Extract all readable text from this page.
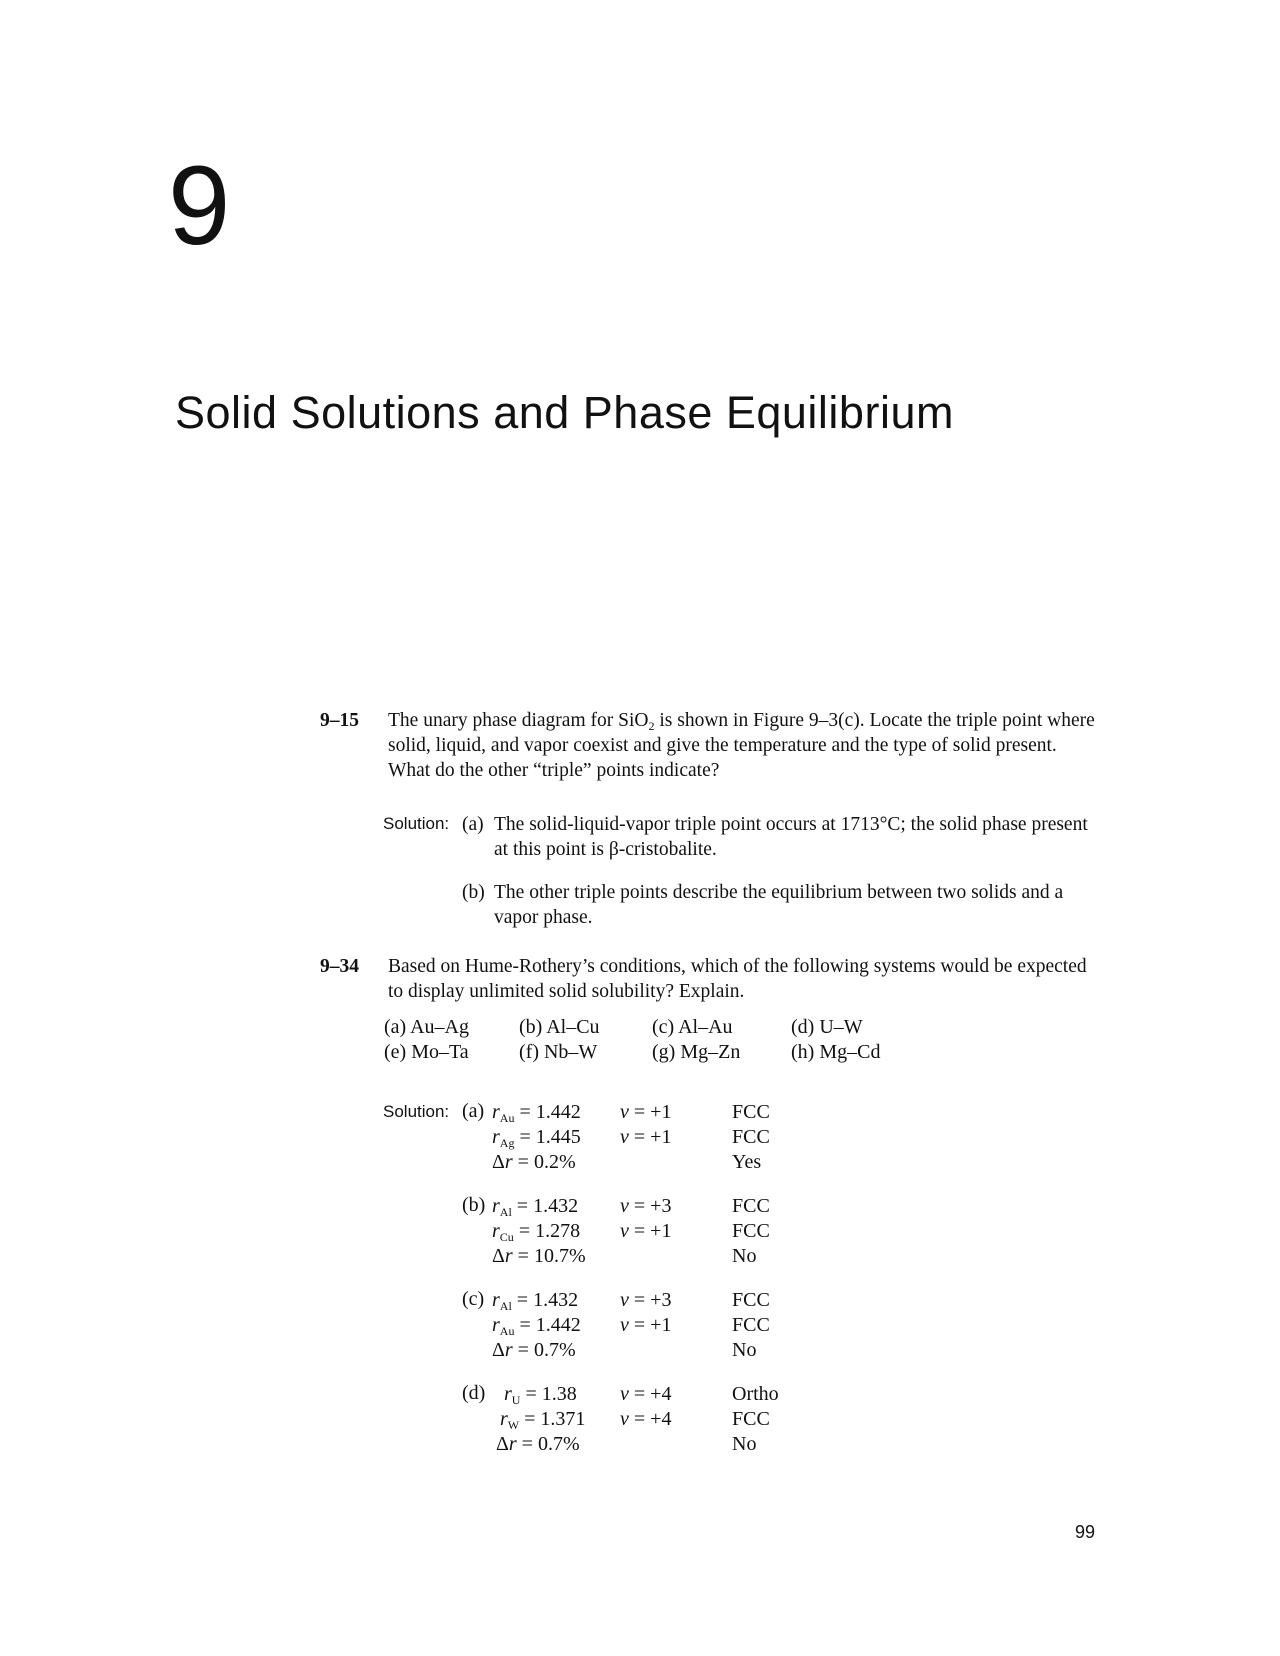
9
Solid Solutions and Phase Equilibrium
9–15 The unary phase diagram for SiO$_2$ is shown in Figure 9–3(c). Locate the triple point where solid, liquid, and vapor coexist and give the temperature and the type of solid present. What do the other “triple” points indicate?
Solution: (a) The solid-liquid-vapor triple point occurs at 1713°C; the solid phase present at this point is β-cristobalite.
(b) The other triple points describe the equilibrium between two solids and a vapor phase.
9–34 Based on Hume-Rothery’s conditions, which of the following systems would be expected to display unlimited solid solubility? Explain.
(a) Au–Ag	(b) Al–Cu	(c) Al–Au	(d) U–W
(e) Mo–Ta	(f) Nb–W	(g) Mg–Zn	(h) Mg–Cd
Solution: (a) $r_{Au} = 1.442$ v = +1	FCC
$r_{Ag} = 1.445$ v = +1	FCC
Δr = 0.2%	Yes
(b) $r_{Al} = 1.432$ v = +3	FCC
$r_{Cu} = 1.278$ v = +1	FCC
Δr = 10.7%	No
(c) $r_{Al} = 1.432$ v = +3	FCC
$r_{Au} = 1.442$ v = +1	FCC
Δr = 0.7%	No
(d) $r_U = 1.38$ v = +4	Ortho
$r_W = 1.371$ v = +4	FCC
Δr = 0.7%	No
99
